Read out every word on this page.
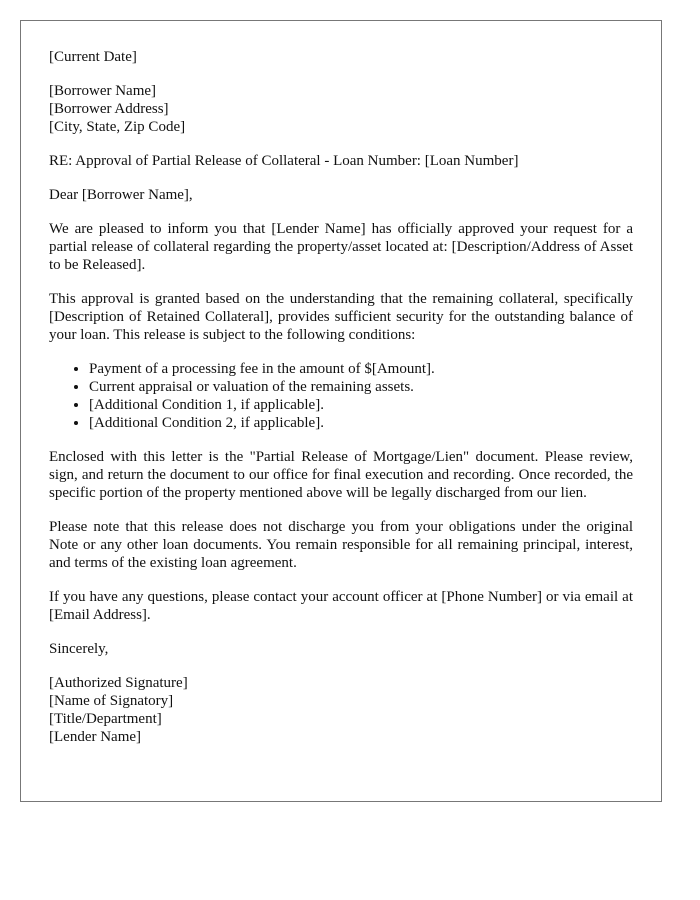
[Current Date]
[Borrower Name]
[Borrower Address]
[City, State, Zip Code]
RE: Approval of Partial Release of Collateral - Loan Number: [Loan Number]
Dear [Borrower Name],

We are pleased to inform you that [Lender Name] has officially approved your request for a partial release of collateral regarding the property/asset located at: [Description/Address of Asset to be Released].

This approval is granted based on the understanding that the remaining collateral, specifically [Description of Retained Collateral], provides sufficient security for the outstanding balance of your loan. This release is subject to the following conditions:

• Payment of a processing fee in the amount of $[Amount].
• Current appraisal or valuation of the remaining assets.
• [Additional Condition 1, if applicable].
• [Additional Condition 2, if applicable].

Enclosed with this letter is the "Partial Release of Mortgage/Lien" document. Please review, sign, and return the document to our office for final execution and recording. Once recorded, the specific portion of the property mentioned above will be legally discharged from our lien.

Please note that this release does not discharge you from your obligations under the original Note or any other loan documents. You remain responsible for all remaining principal, interest, and terms of the existing loan agreement.

If you have any questions, please contact your account officer at [Phone Number] or via email at [Email Address].

Sincerely,
[Authorized Signature]
[Name of Signatory]
[Title/Department]
[Lender Name]
